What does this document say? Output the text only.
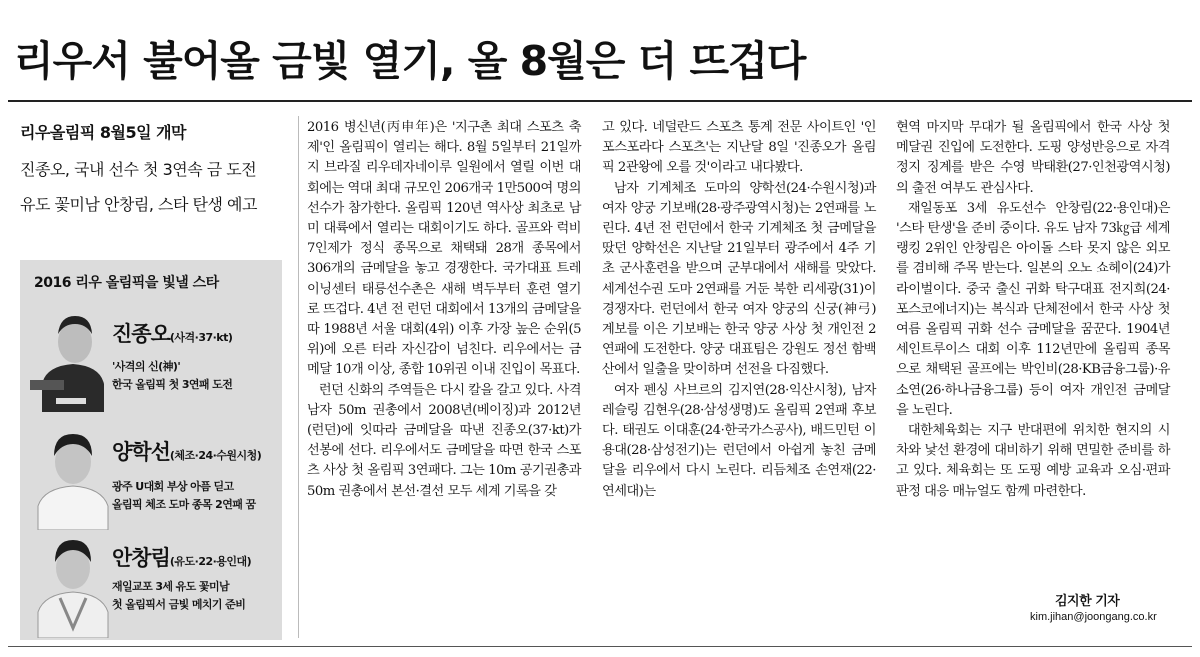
리우서 불어올 금빛 열기, 올 8월은 더 뜨겁다
리우올림픽 8월5일 개막
진종오, 국내 선수 첫 3연속 금 도전
유도 꽃미남 안창림, 스타 탄생 예고
2016 리우 올림픽을 빛낼 스타
진종오(사격·37·kt)
'사격의 신(神)'
한국 올림픽 첫 3연패 도전
양학선(체조·24·수원시청)
광주 U대회 부상 아픔 딛고
올림픽 체조 도마 종목 2연패 꿈
안창림(유도·22·용인대)
재일교포 3세 유도 꽃미남
첫 올림픽서 금빛 메치기 준비

2016 병신년(丙申年)은 '지구촌 최대 스포츠 축제'인 올림픽이 열리는 해다. 8월 5일부터 21일까지 브라질 리우데자네이루 일원에서 열릴 이번 대회에는 역대 최대 규모인 206개국 1만500여 명의 선수가 참가한다. 올림픽 120년 역사상 최초로 남미 대륙에서 열리는 대회이기도 하다. 골프와 럭비 7인제가 정식 종목으로 채택돼 28개 종목에서 306개의 금메달을 놓고 경쟁한다. 국가대표 트레이닝센터 태릉선수촌은 새해 벽두부터 훈련 열기로 뜨겁다. 4년 전 런던 대회에서 13개의 금메달을 따 1988년 서울 대회(4위) 이후 가장 높은 순위(5위)에 오른 터라 자신감이 넘친다. 리우에서는 금메달 10개 이상, 종합 10위권 이내 진입이 목표다.

런던 신화의 주역들은 다시 칼을 갈고 있다. 사격 남자 50m 권총에서 2008년(베이징)과 2012년(런던)에 잇따라 금메달을 따낸 진종오(37·kt)가 선봉에 선다. 리우에서도 금메달을 따면 한국 스포츠 사상 첫 올림픽 3연패다. 그는 10m 공기권총과 50m 권총에서 본선·결선 모두 세계 기록을 갖

고 있다. 네덜란드 스포츠 통계 전문 사이트인 '인포스포라다 스포츠'는 지난달 8일 '진종오가 올림픽 2관왕에 오를 것'이라고 내다봤다.

남자 기계체조 도마의 양학선(24·수원시청)과 여자 양궁 기보배(28·광주광역시청)는 2연패를 노린다. 4년 전 런던에서 한국 기계체조 첫 금메달을 땄던 양학선은 지난달 21일부터 광주에서 4주 기초 군사훈련을 받으며 군부대에서 새해를 맞았다. 세계선수권 도마 2연패를 거둔 북한 리세광(31)이 경쟁자다. 런던에서 한국 여자 양궁의 신궁(神弓) 계보를 이은 기보배는 한국 양궁 사상 첫 개인전 2연패에 도전한다. 양궁 대표팀은 강원도 정선 함백산에서 일출을 맞이하며 선전을 다짐했다.

여자 펜싱 사브르의 김지연(28·익산시청), 남자 레슬링 김현우(28·삼성생명)도 올림픽 2연패 후보다. 태권도 이대훈(24·한국가스공사), 배드민턴 이용대(28·삼성전기)는 런던에서 아쉽게 놓친 금메달을 리우에서 다시 노린다. 리듬체조 손연재(22·연세대)는

현역 마지막 무대가 될 올림픽에서 한국 사상 첫 메달권 진입에 도전한다. 도핑 양성반응으로 자격정지 징계를 받은 수영 박태환(27·인천광역시청)의 출전 여부도 관심사다.

재일동포 3세 유도선수 안창림(22·용인대)은 '스타 탄생'을 준비 중이다. 유도 남자 73㎏급 세계랭킹 2위인 안창림은 아이돌 스타 못지 않은 외모를 겸비해 주목 받는다. 일본의 오노 쇼헤이(24)가 라이벌이다. 중국 출신 귀화 탁구대표 전지희(24·포스코에너지)는 복식과 단체전에서 한국 사상 첫 여름 올림픽 귀화 선수 금메달을 꿈꾼다. 1904년 세인트루이스 대회 이후 112년만에 올림픽 종목으로 채택된 골프에는 박인비(28·KB금융그룹)·유소연(26·하나금융그룹) 등이 여자 개인전 금메달을 노린다.

대한체육회는 지구 반대편에 위치한 현지의 시차와 낯선 환경에 대비하기 위해 면밀한 준비를 하고 있다. 체육회는 또 도핑 예방 교육과 오심·편파 판정 대응 매뉴얼도 함께 마련한다.

김지한 기자
kim.jihan@joongang.co.kr
